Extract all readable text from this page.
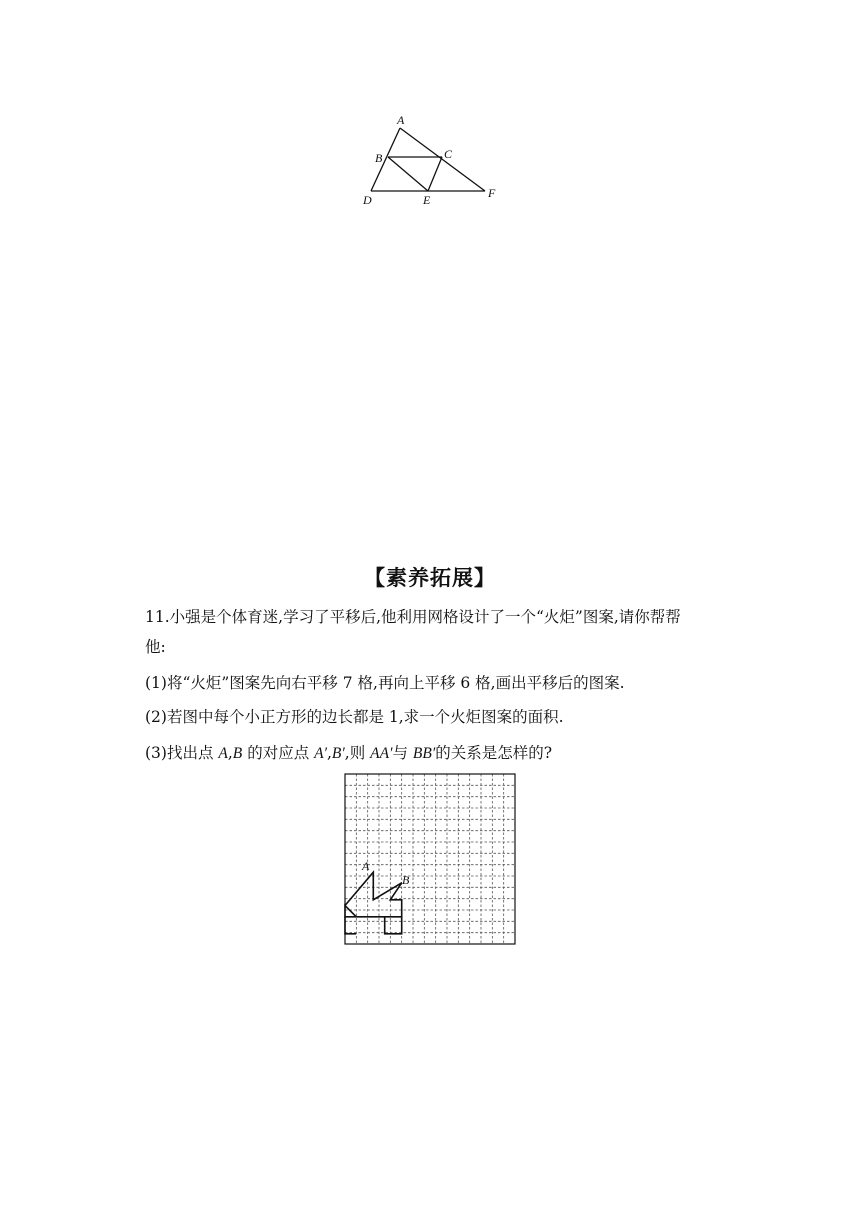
A
B	C
D	E	F
【素养拓展】
11.小强是个体育迷,学习了平移后,他利用网格设计了一个“火炬”图案,请你帮帮
他:
(1)将“火炬”图案先向右平移 7 格,再向上平移 6 格,画出平移后的图案.
(2)若图中每个小正方形的边长都是 1,求一个火炬图案的面积.
(3)找出点 A,B 的对应点 A′,B′,则 AA′与 BB′的关系是怎样的?
A
B
